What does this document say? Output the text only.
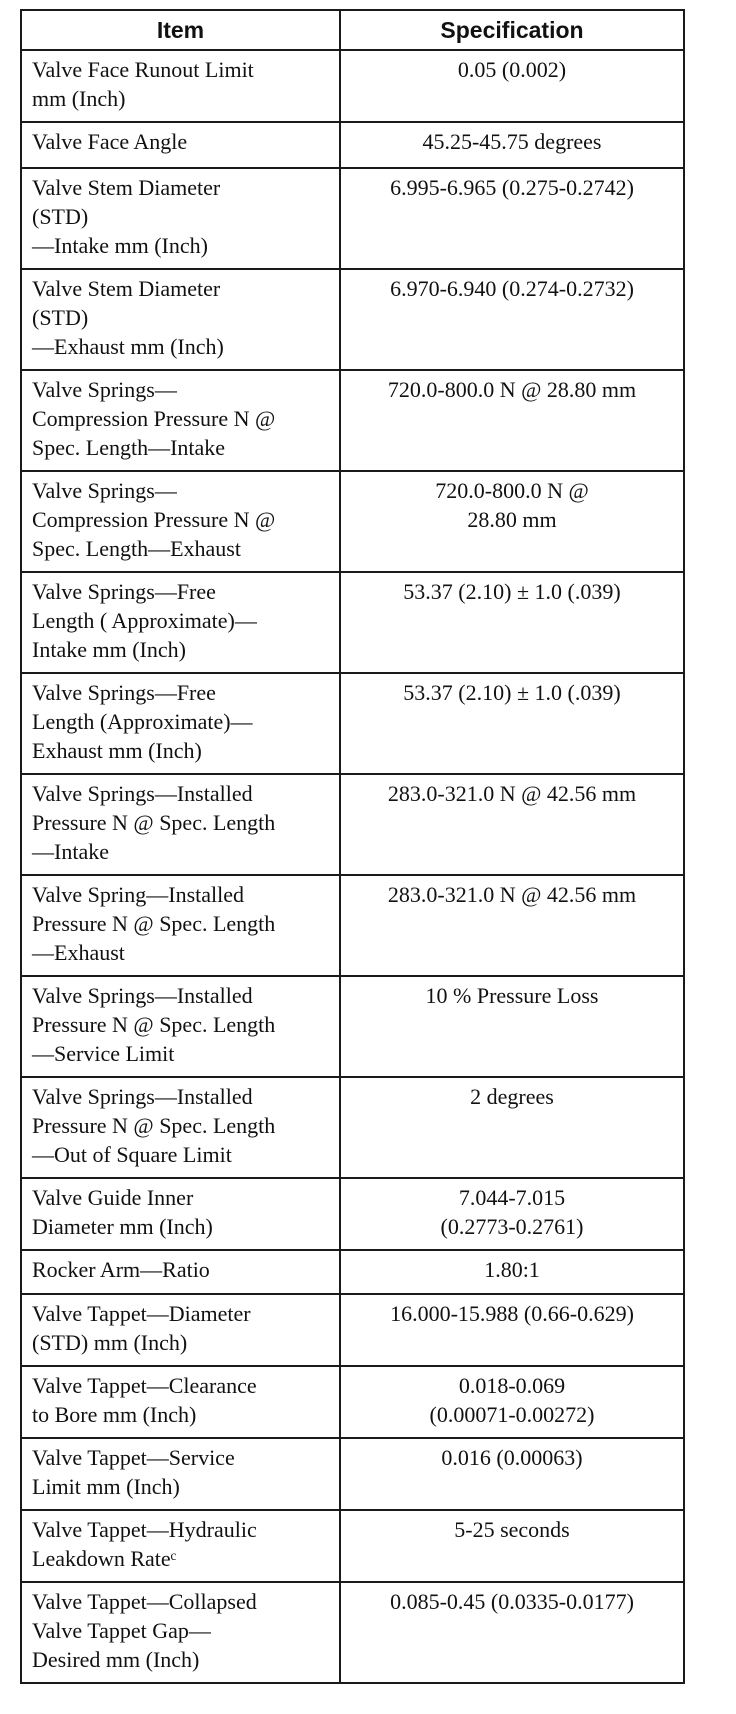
Item	Specification
Valve Face Runout Limit
mm (Inch)	0.05 (0.002)
Valve Face Angle	45.25-45.75 degrees
Valve Stem Diameter
(STD)
—Intake mm (Inch)	6.995-6.965 (0.275-0.2742)
Valve Stem Diameter
(STD)
—Exhaust mm (Inch)	6.970-6.940 (0.274-0.2732)
Valve Springs—
Compression Pressure N @
Spec. Length—Intake	720.0-800.0 N @ 28.80 mm
Valve Springs—
Compression Pressure N @
Spec. Length—Exhaust	720.0-800.0 N @
28.80 mm
Valve Springs—Free
Length ( Approximate)—
Intake mm (Inch)	53.37 (2.10) ± 1.0 (.039)
Valve Springs—Free
Length (Approximate)—
Exhaust mm (Inch)	53.37 (2.10) ± 1.0 (.039)
Valve Springs—Installed
Pressure N @ Spec. Length
—Intake	283.0-321.0 N @ 42.56 mm
Valve Spring—Installed
Pressure N @ Spec. Length
—Exhaust	283.0-321.0 N @ 42.56 mm
Valve Springs—Installed
Pressure N @ Spec. Length
—Service Limit	10 % Pressure Loss
Valve Springs—Installed
Pressure N @ Spec. Length
—Out of Square Limit	2 degrees
Valve Guide Inner
Diameter mm (Inch)	7.044-7.015
(0.2773-0.2761)
Rocker Arm—Ratio	1.80:1
Valve Tappet—Diameter
(STD) mm (Inch)	16.000-15.988 (0.66-0.629)
Valve Tappet—Clearance
to Bore mm (Inch)	0.018-0.069
(0.00071-0.00272)
Valve Tappet—Service
Limit mm (Inch)	0.016 (0.00063)
Valve Tappet—Hydraulic
Leakdown Rateᶜ	5-25 seconds
Valve Tappet—Collapsed
Valve Tappet Gap—
Desired mm (Inch)	0.085-0.45 (0.0335-0.0177)
